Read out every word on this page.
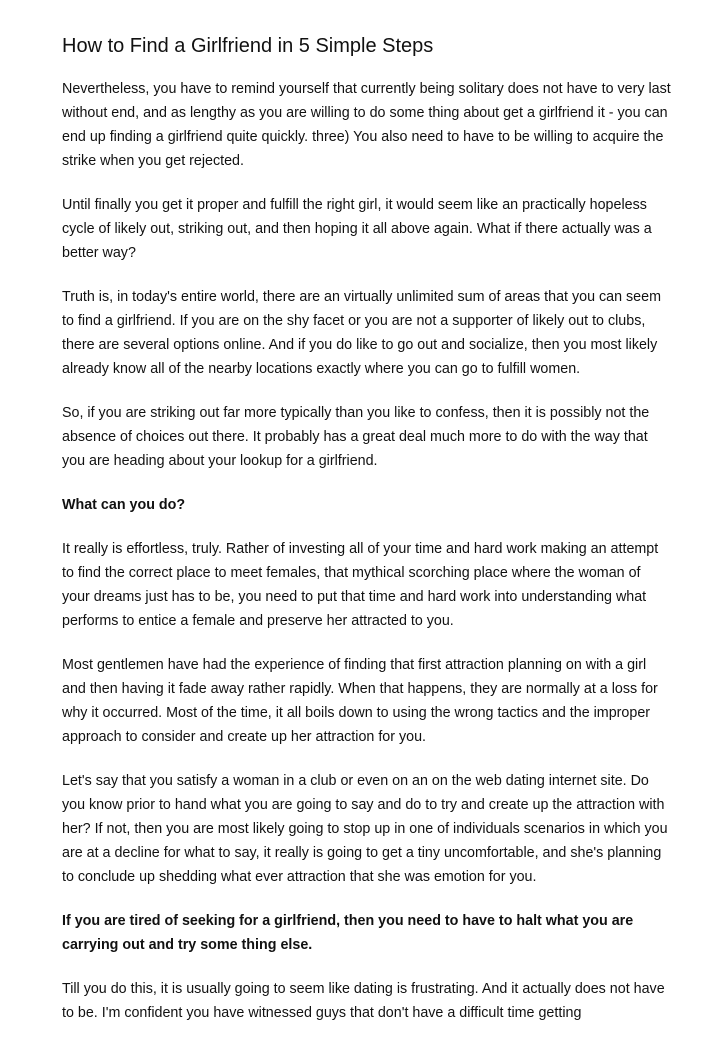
How to Find a Girlfriend in 5 Simple Steps

Nevertheless, you have to remind yourself that currently being solitary does not have to very last without end, and as lengthy as you are willing to do some thing about get a girlfriend it - you can end up finding a girlfriend quite quickly. three) You also need to have to be willing to acquire the strike when you get rejected.

Until finally you get it proper and fulfill the right girl, it would seem like an practically hopeless cycle of likely out, striking out, and then hoping it all above again. What if there actually was a better way?

Truth is, in today's entire world, there are an virtually unlimited sum of areas that you can seem to find a girlfriend. If you are on the shy facet or you are not a supporter of likely out to clubs, there are several options online. And if you do like to go out and socialize, then you most likely already know all of the nearby locations exactly where you can go to fulfill women.

So, if you are striking out far more typically than you like to confess, then it is possibly not the absence of choices out there. It probably has a great deal much more to do with the way that you are heading about your lookup for a girlfriend.

What can you do?

It really is effortless, truly. Rather of investing all of your time and hard work making an attempt to find the correct place to meet females, that mythical scorching place where the woman of your dreams just has to be, you need to put that time and hard work into understanding what performs to entice a female and preserve her attracted to you.

Most gentlemen have had the experience of finding that first attraction planning on with a girl and then having it fade away rather rapidly. When that happens, they are normally at a loss for why it occurred. Most of the time, it all boils down to using the wrong tactics and the improper approach to consider and create up her attraction for you.

Let's say that you satisfy a woman in a club or even on an on the web dating internet site. Do you know prior to hand what you are going to say and do to try and create up the attraction with her? If not, then you are most likely going to stop up in one of individuals scenarios in which you are at a decline for what to say, it really is going to get a tiny uncomfortable, and she's planning to conclude up shedding what ever attraction that she was emotion for you.

If you are tired of seeking for a girlfriend, then you need to have to halt what you are carrying out and try some thing else.

Till you do this, it is usually going to seem like dating is frustrating. And it actually does not have to be. I'm confident you have witnessed guys that don't have a difficult time getting
